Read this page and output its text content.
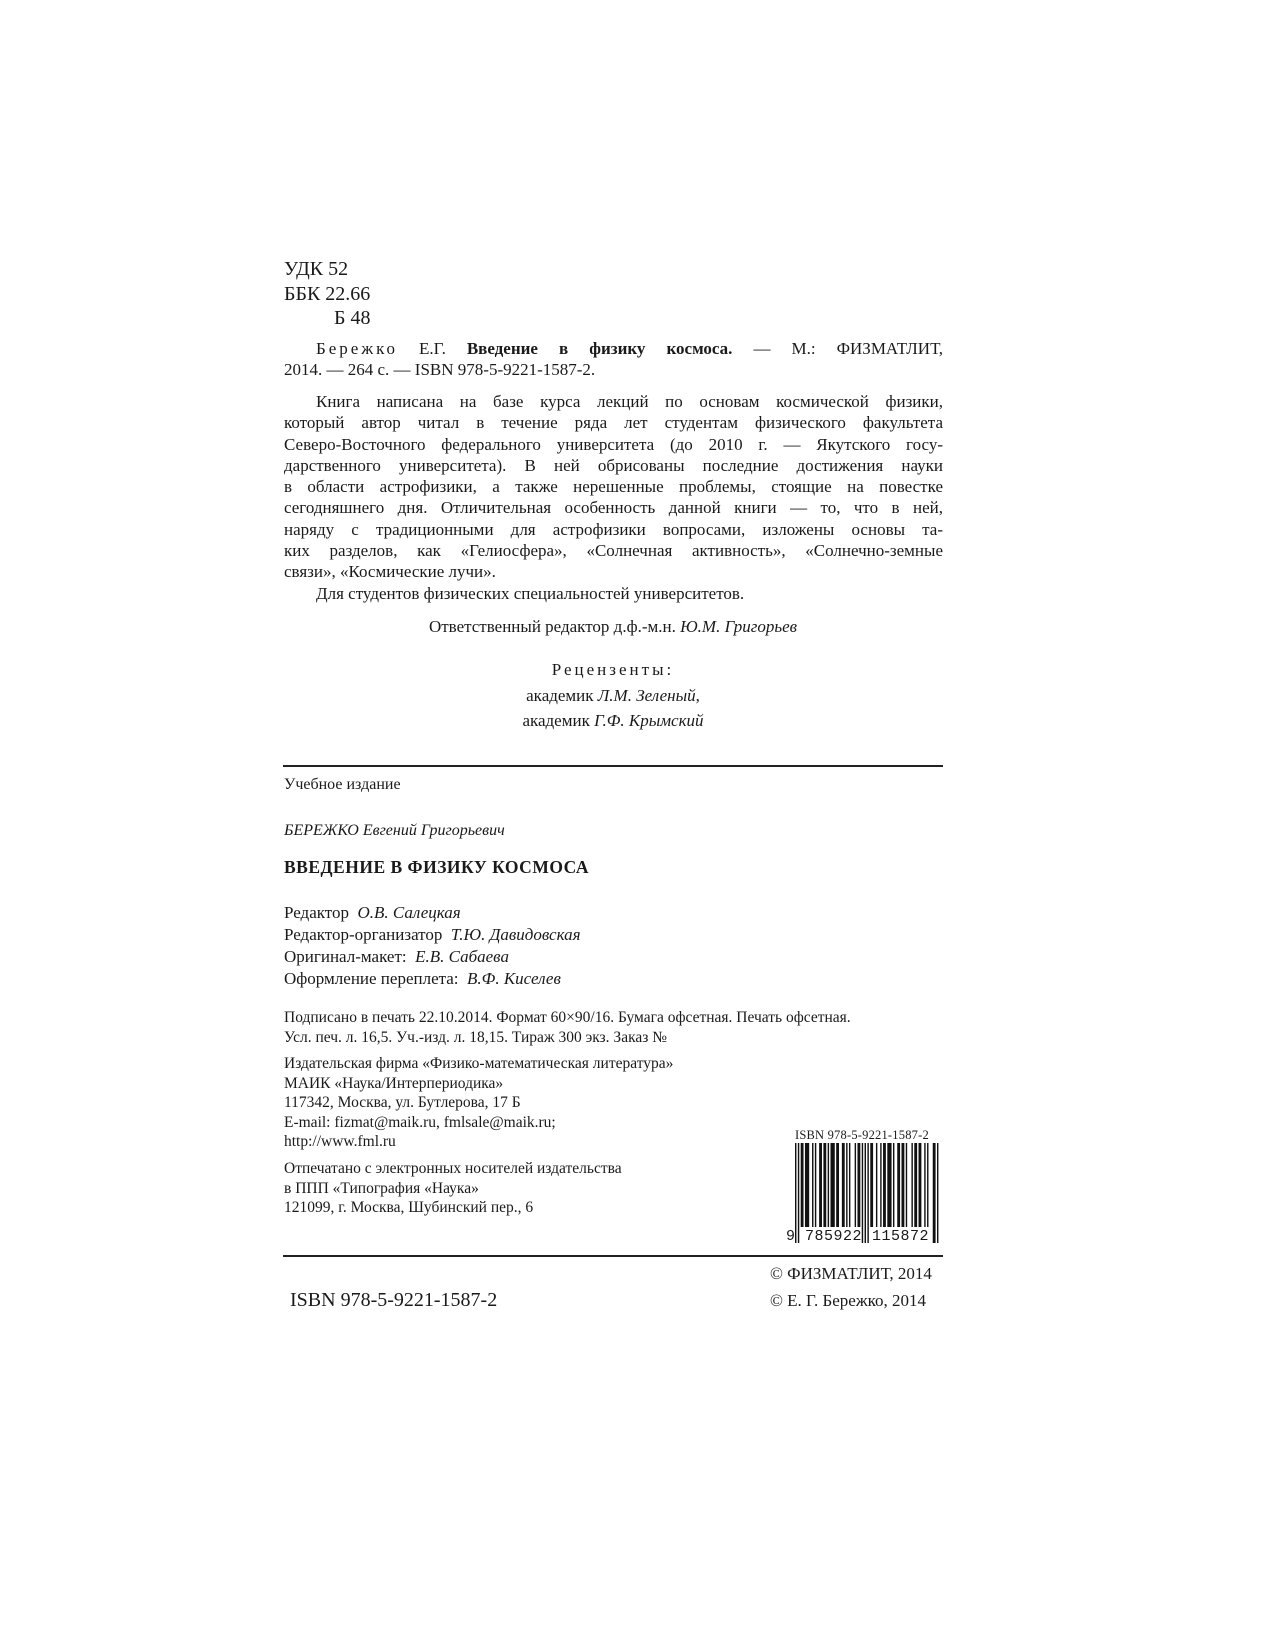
УДК 52
ББК 22.66
Б 48
Бережко Е.Г. Введение в физику космоса. — М.: ФИЗМАТЛИТ,
2014. — 264 с. — ISBN 978-5-9221-1587-2.
Книга написана на базе курса лекций по основам космической физики,
который автор читал в течение ряда лет студентам физического факультета
Северо-Восточного федерального университета (до 2010 г. — Якутского госу-
дарственного университета). В ней обрисованы последние достижения науки
в области астрофизики, а также нерешенные проблемы, стоящие на повестке
сегодняшнего дня. Отличительная особенность данной книги — то, что в ней,
наряду с традиционными для астрофизики вопросами, изложены основы та-
ких разделов, как «Гелиосфера», «Солнечная активность», «Солнечно-земные
связи», «Космические лучи».
Для студентов физических специальностей университетов.
Ответственный редактор д.ф.-м.н. Ю.М. Григорьев
Рецензенты:
академик Л.М. Зеленый,
академик Г.Ф. Крымский
Учебное издание
БЕРЕЖКО Евгений Григорьевич
ВВЕДЕНИЕ В ФИЗИКУ КОСМОСА
Редактор О.В. Салецкая
Редактор-организатор Т.Ю. Давидовская
Оригинал-макет: Е.В. Сабаева
Оформление переплета: В.Ф. Киселев
Подписано в печать 22.10.2014. Формат 60×90/16. Бумага офсетная. Печать офсетная.
Усл. печ. л. 16,5. Уч.-изд. л. 18,15. Тираж 300 экз. Заказ №
Издательская фирма «Физико-математическая литература»
МАИК «Наука/Интерпериодика»
117342, Москва, ул. Бутлерова, 17 Б
E-mail: fizmat@maik.ru, fmlsale@maik.ru;
http://www.fml.ru
Отпечатано с электронных носителей издательства
в ППП «Типография «Наука»
121099, г. Москва, Шубинский пер., 6
ISBN 978-5-9221-1587-2
9 785922 115872
ISBN 978-5-9221-1587-2
© ФИЗМАТЛИТ, 2014
© Е. Г. Бережко, 2014
